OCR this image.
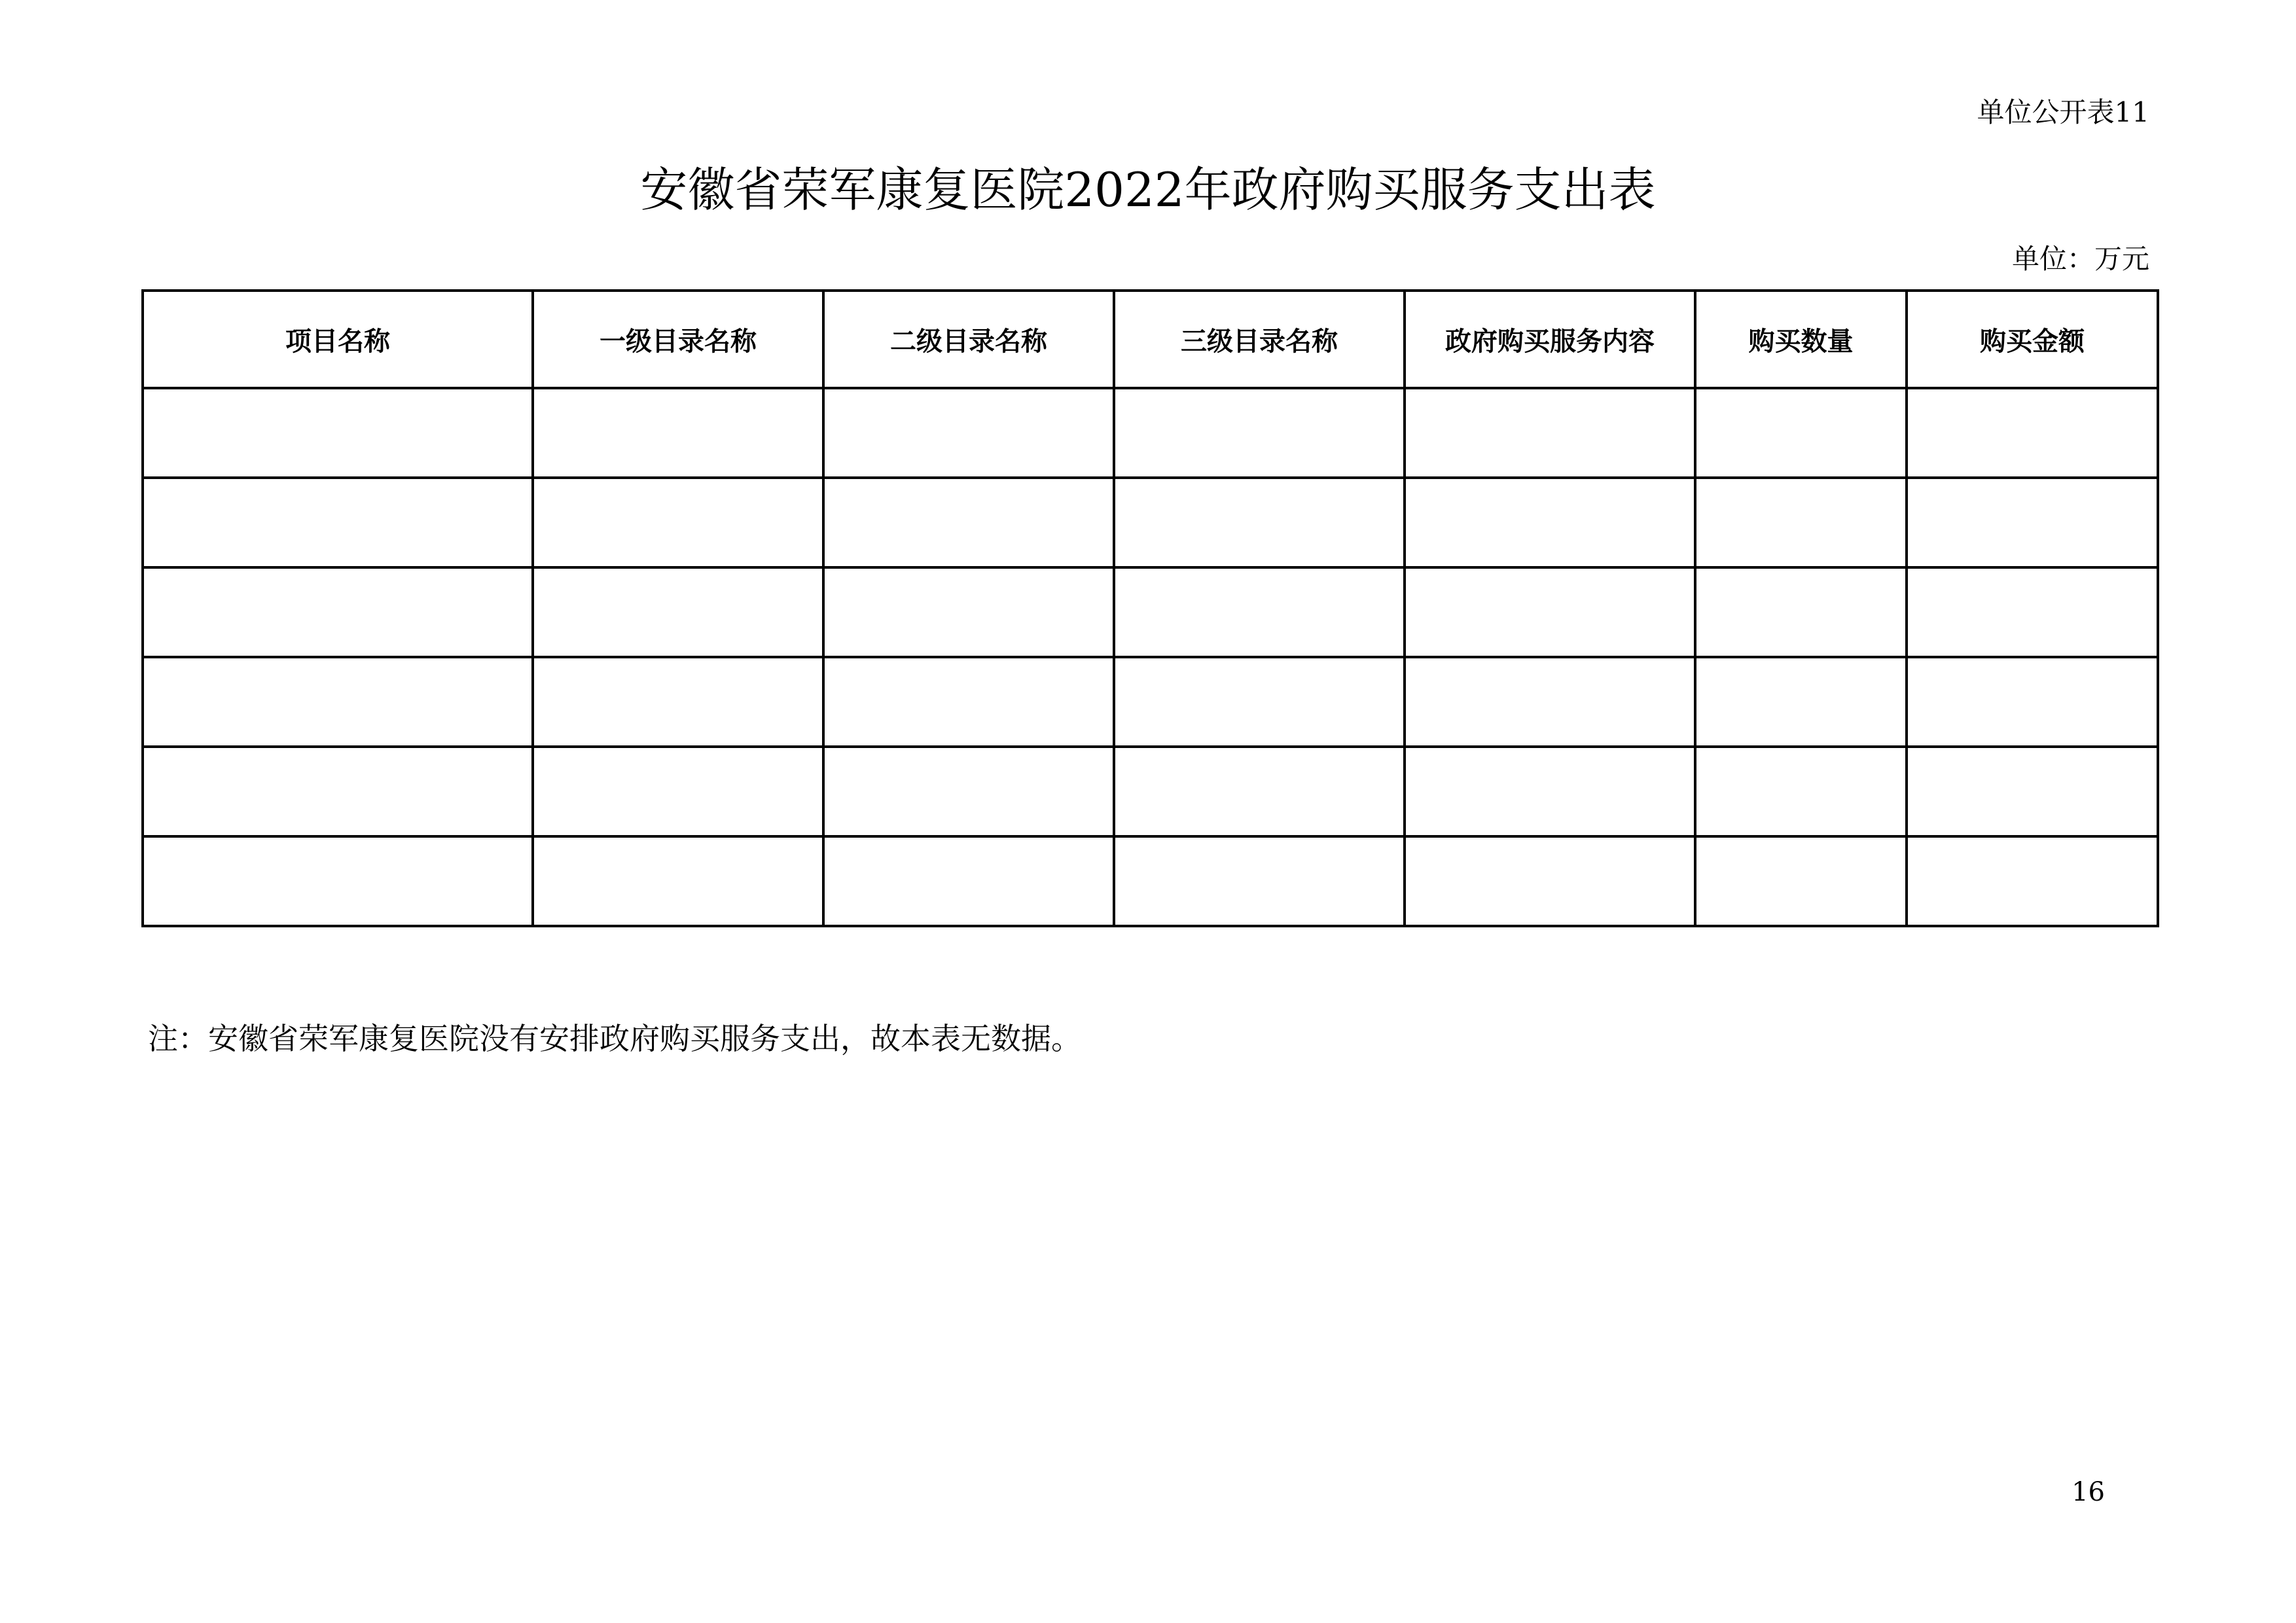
单位公开表11
安徽省荣军康复医院2022年政府购买服务支出表
单位：万元
项目名称	一级目录名称	二级目录名称	三级目录名称	政府购买服务内容	购买数量	购买金额

注：安徽省荣军康复医院没有安排政府购买服务支出，故本表无数据。
16
